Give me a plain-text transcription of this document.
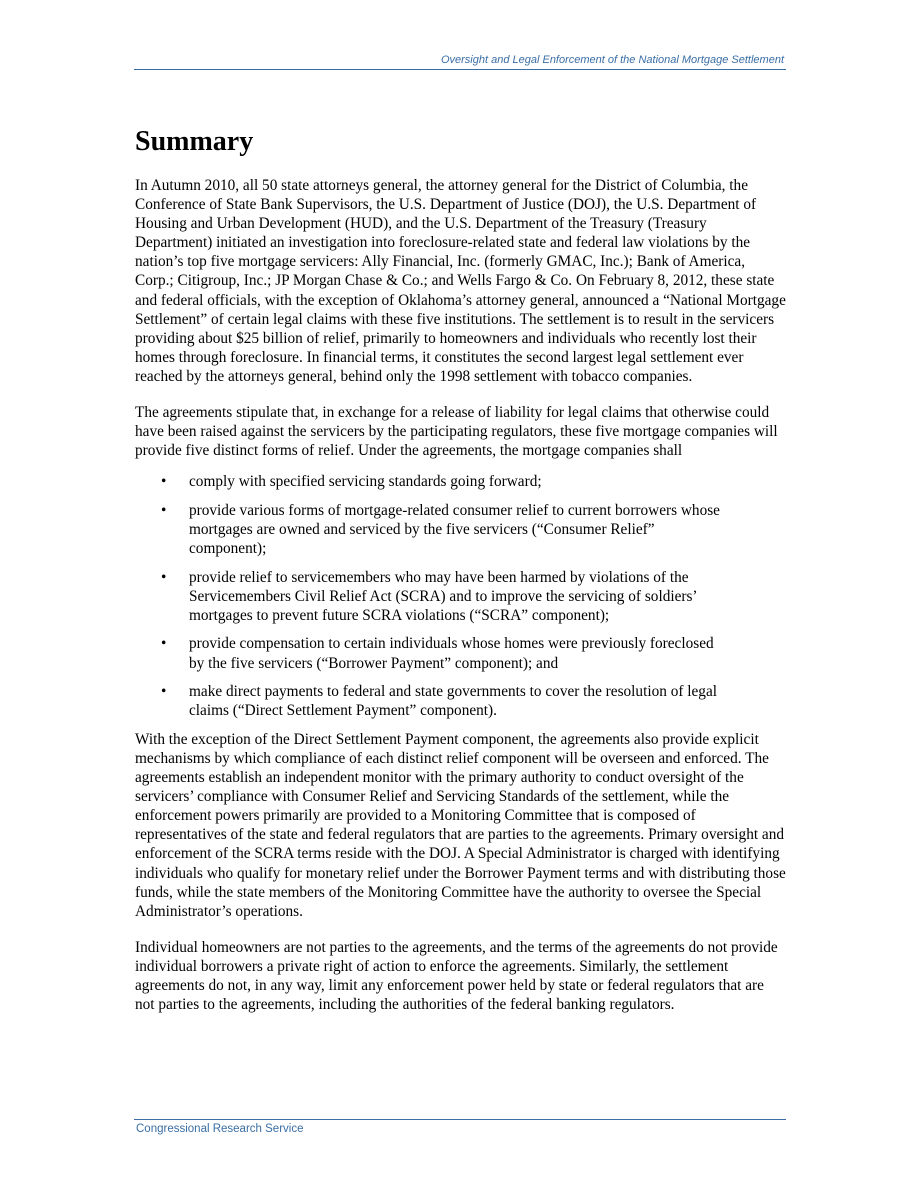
Oversight and Legal Enforcement of the National Mortgage Settlement
Summary

In Autumn 2010, all 50 state attorneys general, the attorney general for the District of Columbia, the Conference of State Bank Supervisors, the U.S. Department of Justice (DOJ), the U.S. Department of Housing and Urban Development (HUD), and the U.S. Department of the Treasury (Treasury Department) initiated an investigation into foreclosure-related state and federal law violations by the nation’s top five mortgage servicers: Ally Financial, Inc. (formerly GMAC, Inc.); Bank of America, Corp.; Citigroup, Inc.; JP Morgan Chase & Co.; and Wells Fargo & Co. On February 8, 2012, these state and federal officials, with the exception of Oklahoma’s attorney general, announced a “National Mortgage Settlement” of certain legal claims with these five institutions. The settlement is to result in the servicers providing about $25 billion of relief, primarily to homeowners and individuals who recently lost their homes through foreclosure. In financial terms, it constitutes the second largest legal settlement ever reached by the attorneys general, behind only the 1998 settlement with tobacco companies.

The agreements stipulate that, in exchange for a release of liability for legal claims that otherwise could have been raised against the servicers by the participating regulators, these five mortgage companies will provide five distinct forms of relief. Under the agreements, the mortgage companies shall

• comply with specified servicing standards going forward;
• provide various forms of mortgage-related consumer relief to current borrowers whose mortgages are owned and serviced by the five servicers (“Consumer Relief” component);
• provide relief to servicemembers who may have been harmed by violations of the Servicemembers Civil Relief Act (SCRA) and to improve the servicing of soldiers’ mortgages to prevent future SCRA violations (“SCRA” component);
• provide compensation to certain individuals whose homes were previously foreclosed by the five servicers (“Borrower Payment” component); and
• make direct payments to federal and state governments to cover the resolution of legal claims (“Direct Settlement Payment” component).

With the exception of the Direct Settlement Payment component, the agreements also provide explicit mechanisms by which compliance of each distinct relief component will be overseen and enforced. The agreements establish an independent monitor with the primary authority to conduct oversight of the servicers’ compliance with Consumer Relief and Servicing Standards of the settlement, while the enforcement powers primarily are provided to a Monitoring Committee that is composed of representatives of the state and federal regulators that are parties to the agreements. Primary oversight and enforcement of the SCRA terms reside with the DOJ. A Special Administrator is charged with identifying individuals who qualify for monetary relief under the Borrower Payment terms and with distributing those funds, while the state members of the Monitoring Committee have the authority to oversee the Special Administrator’s operations.

Individual homeowners are not parties to the agreements, and the terms of the agreements do not provide individual borrowers a private right of action to enforce the agreements. Similarly, the settlement agreements do not, in any way, limit any enforcement power held by state or federal regulators that are not parties to the agreements, including the authorities of the federal banking regulators.

Congressional Research Service
